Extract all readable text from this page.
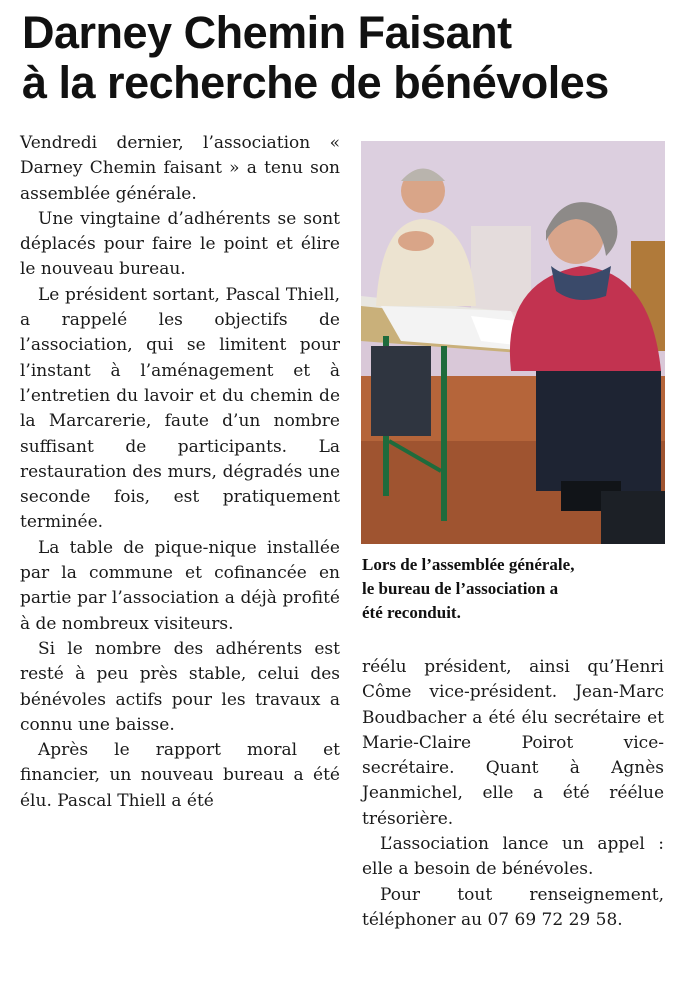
Darney Chemin Faisant
à la recherche de bénévoles

Vendredi dernier, l’association « Darney Chemin faisant » a tenu son assemblée générale.

Une vingtaine d’adhérents se sont déplacés pour faire le point et élire le nouveau bureau.

Le président sortant, Pascal Thiell, a rappelé les objectifs de l’association, qui se limitent pour l’instant à l’aménagement et à l’entretien du lavoir et du chemin de la Marcarerie, faute d’un nombre suffisant de participants. La restauration des murs, dégradés une seconde fois, est pratiquement terminée.

La table de pique-nique installée par la commune et cofinancée en partie par l’association a déjà profité à de nombreux visiteurs.

Si le nombre des adhérents est resté à peu près stable, celui des bénévoles actifs pour les travaux a connu une baisse.

Après le rapport moral et financier, un nouveau bureau a été élu. Pascal Thiell a été

Lors de l’assemblée générale,
le bureau de l’association a
été reconduit.

réélu président, ainsi qu’Henri Côme vice-président. Jean-Marc Boudbacher a été élu secrétaire et Marie-Claire Poirot vice-secrétaire. Quant à Agnès Jeanmichel, elle a été réélue trésorière.

L’association lance un appel : elle a besoin de bénévoles.

Pour tout renseignement, téléphoner au 07 69 72 29 58.
